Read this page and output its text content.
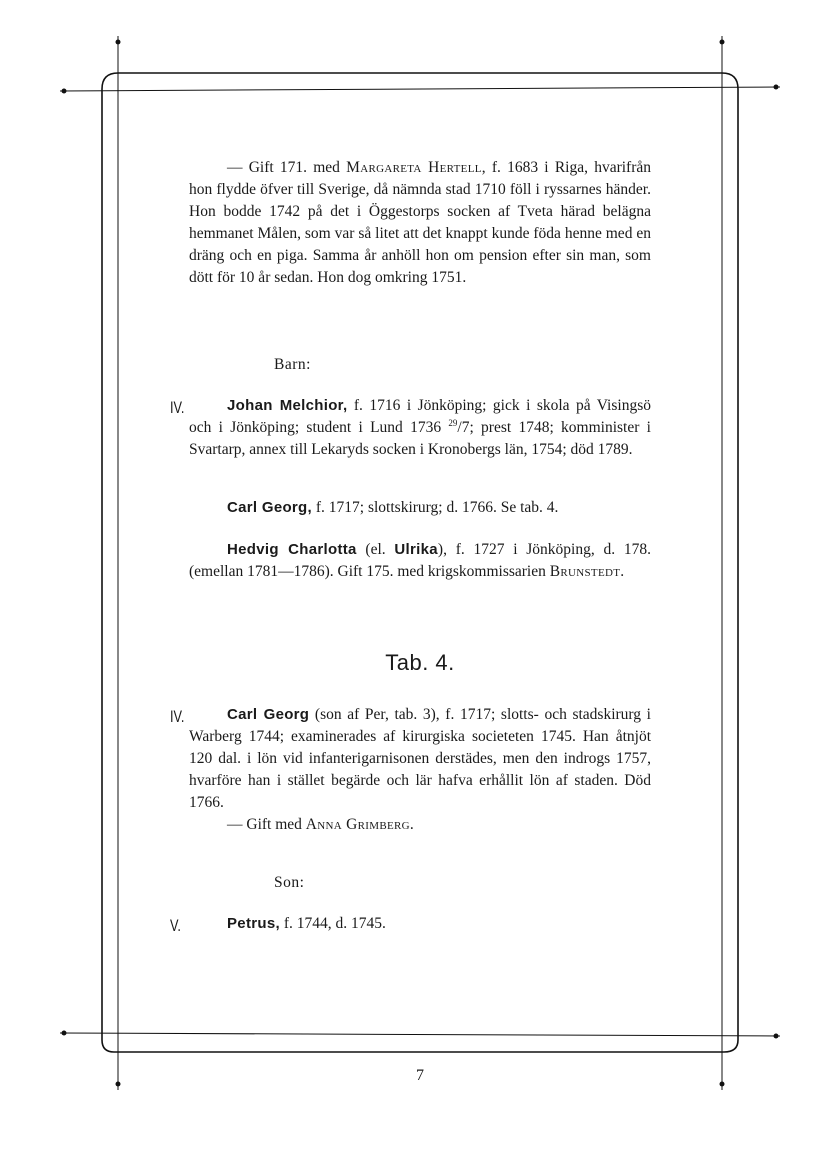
— Gift 171. med Margareta Hertell, f. 1683 i Riga, hvarifrån hon flydde öfver till Sverige, då nämnda stad 1710 föll i ryssarnes händer. Hon bodde 1742 på det i Öggestorps socken af Tveta härad belägna hemmanet Målen, som var så litet att det knappt kunde föda henne med en dräng och en piga. Samma år anhöll hon om pension efter sin man, som dött för 10 år sedan. Hon dog omkring 1751.
Barn:
IV.	Johan Melchior, f. 1716 i Jönköping; gick i skola på Visingsö och i Jönköping; student i Lund 1736 $^{29}$/7; prest 1748; komminister i Svartarp, annex till Lekaryds socken i Kronobergs län, 1754; död 1789.
Carl Georg, f. 1717; slottskirurg; d. 1766. Se tab. 4.
Hedvig Charlotta (el. Ulrika), f. 1727 i Jönköping, d. 178. (emellan 1781—1786). Gift 175. med krigskommissarien Brunstedt.
Tab. 4.
IV.	Carl Georg (son af Per, tab. 3), f. 1717; slotts- och stadskirurg i Warberg 1744; examinerades af kirurgiska societeten 1745. Han åtnjöt 120 dal. i lön vid infanterigarnisonen derstädes, men den indrogs 1757, hvarföre han i stället begärde och lär hafva erhållit lön af staden. Död 1766.
— Gift med Anna Grimberg.
Son:
V.	Petrus, f. 1744, d. 1745.
7
